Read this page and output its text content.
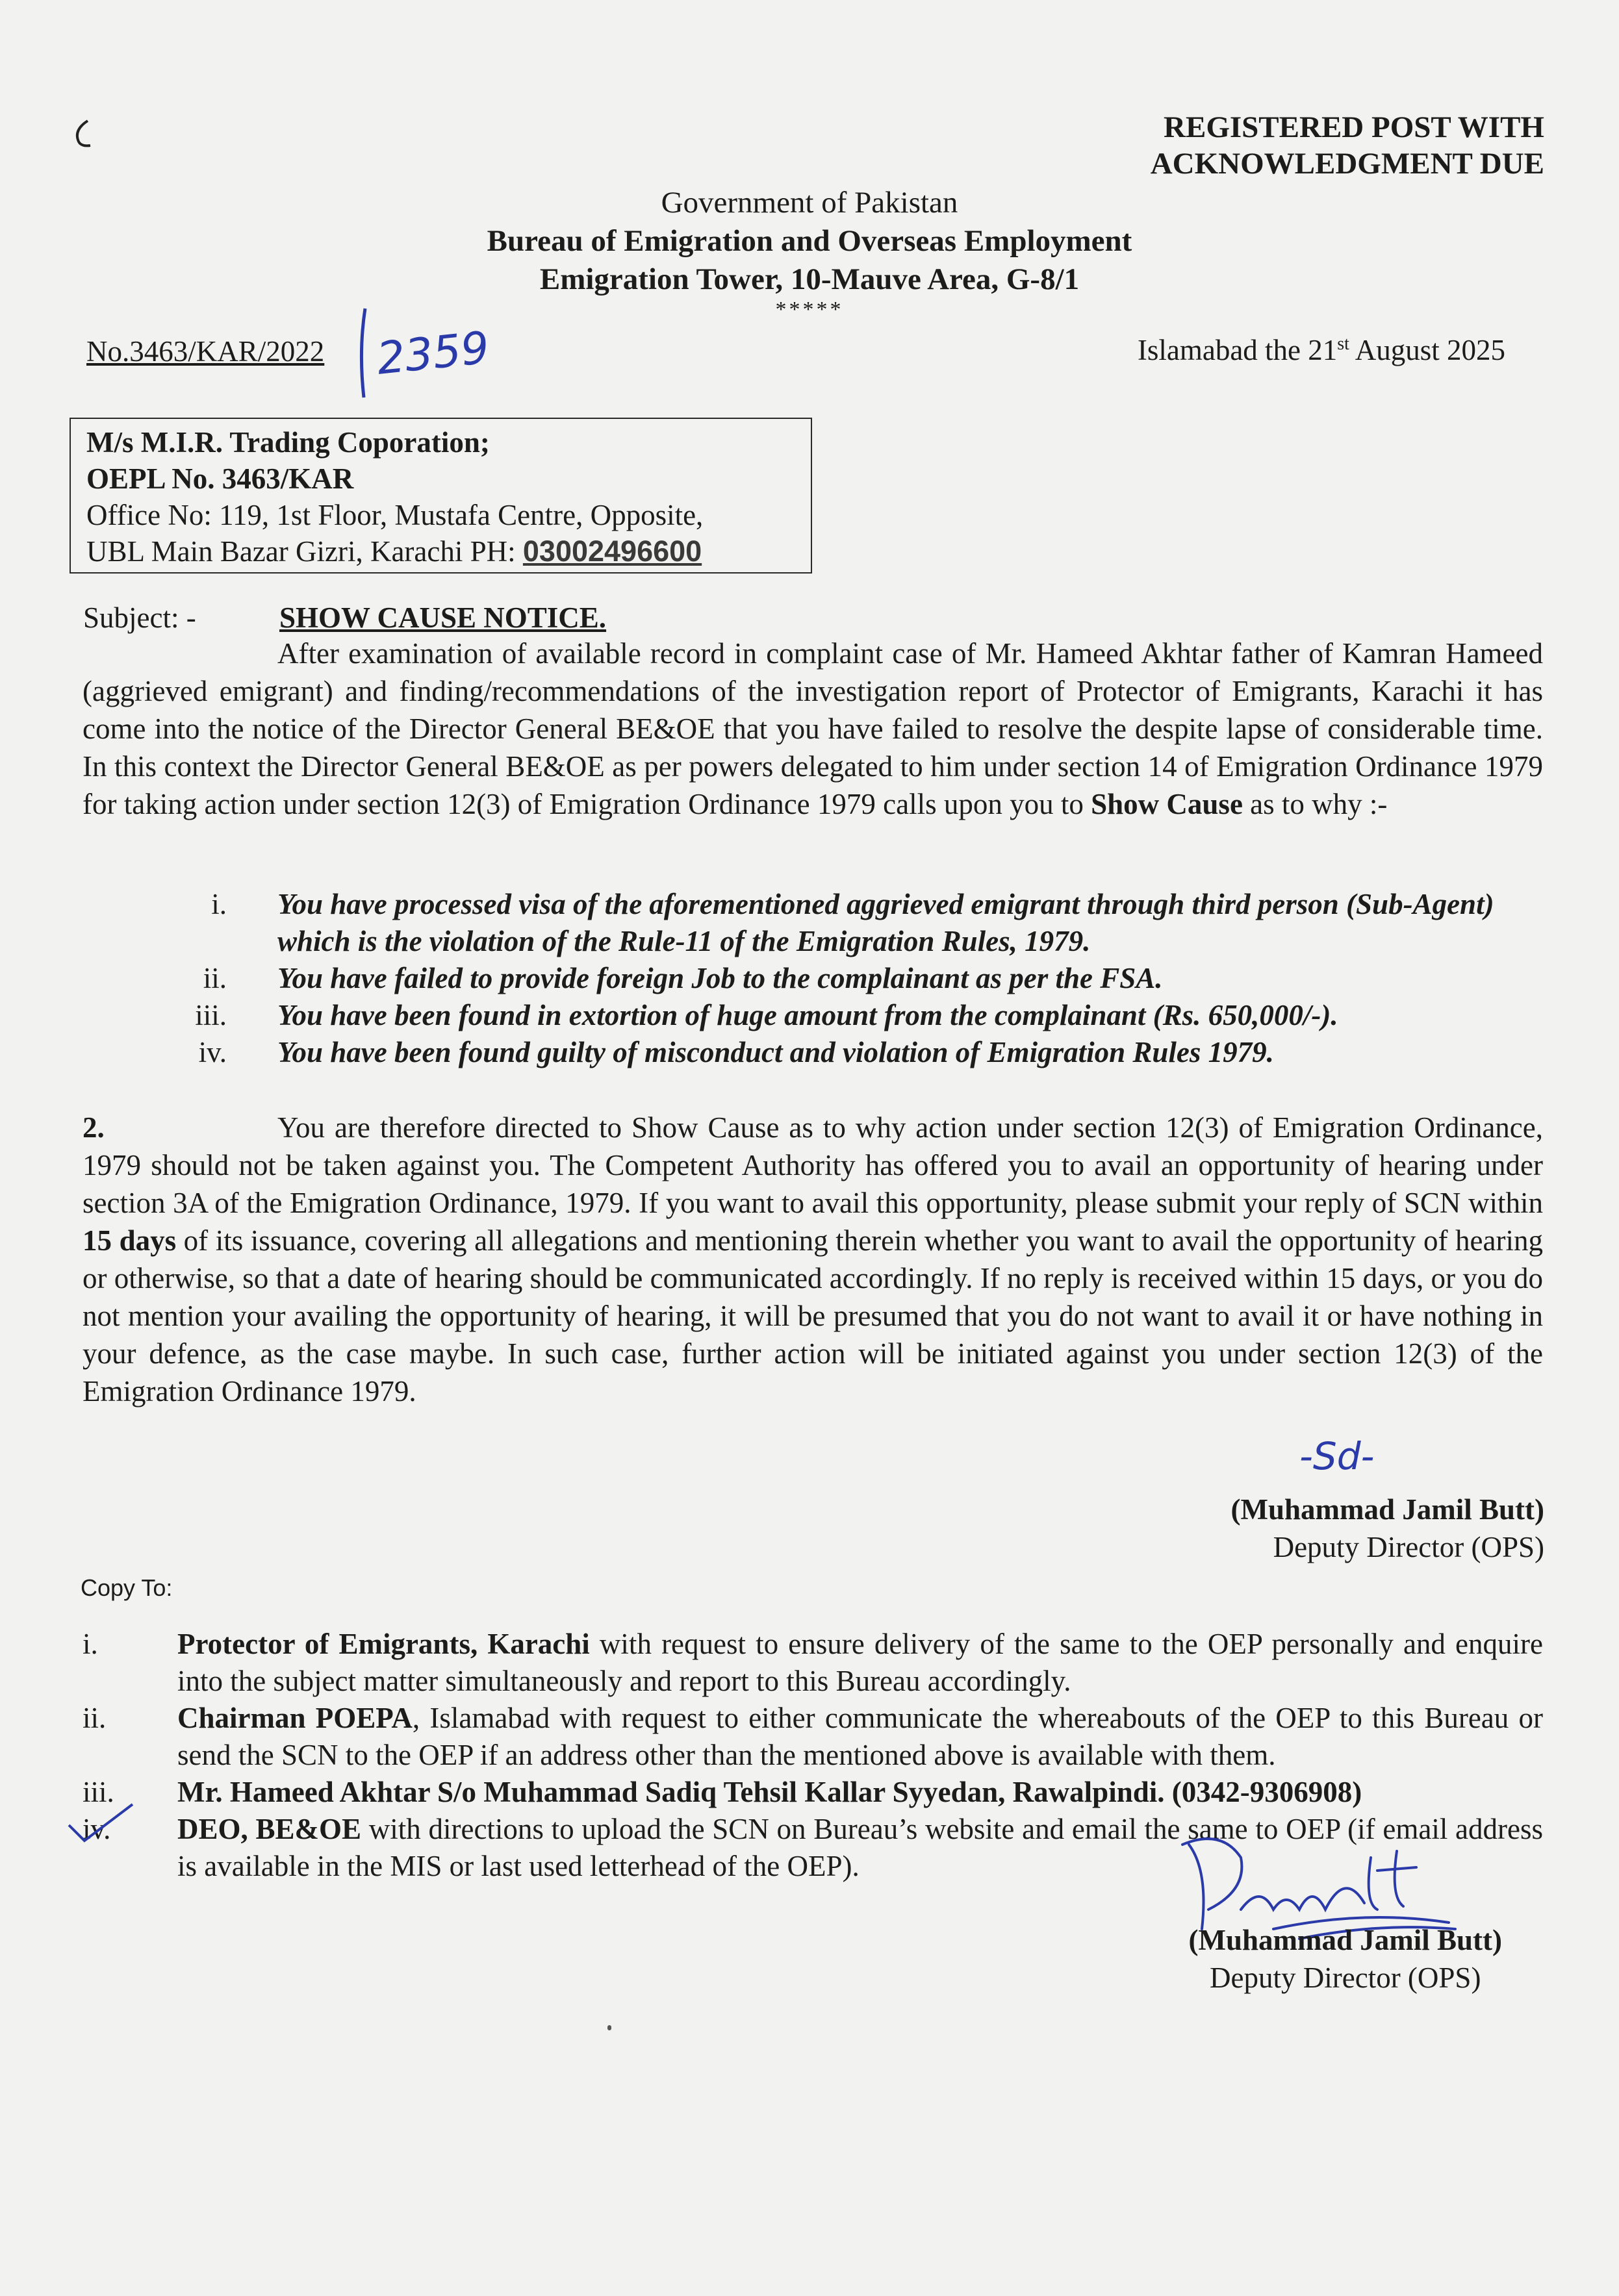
REGISTERED POST WITH
ACKNOWLEDGMENT DUE
Government of Pakistan
Bureau of Emigration and Overseas Employment
Emigration Tower, 10-Mauve Area, G-8/1
*****
No.3463/KAR/2022 2359	Islamabad the 21st August 2025
M/s M.I.R. Trading Coporation;
OEPL No. 3463/KAR
Office No: 119, 1st Floor, Mustafa Centre, Opposite,
UBL Main Bazar Gizri, Karachi PH: 03002496600
Subject: -	SHOW CAUSE NOTICE.
After examination of available record in complaint case of Mr. Hameed Akhtar father of Kamran Hameed (aggrieved emigrant) and finding/recommendations of the investigation report of Protector of Emigrants, Karachi it has come into the notice of the Director General BE&OE that you have failed to resolve the despite lapse of considerable time. In this context the Director General BE&OE as per powers delegated to him under section 14 of Emigration Ordinance 1979 for taking action under section 12(3) of Emigration Ordinance 1979 calls upon you to Show Cause as to why :-
i. You have processed visa of the aforementioned aggrieved emigrant through third person (Sub-Agent) which is the violation of the Rule-11 of the Emigration Rules, 1979.
ii. You have failed to provide foreign Job to the complainant as per the FSA.
iii. You have been found in extortion of huge amount from the complainant (Rs. 650,000/-).
iv. You have been found guilty of misconduct and violation of Emigration Rules 1979.
2.	You are therefore directed to Show Cause as to why action under section 12(3) of Emigration Ordinance, 1979 should not be taken against you. The Competent Authority has offered you to avail an opportunity of hearing under section 3A of the Emigration Ordinance, 1979. If you want to avail this opportunity, please submit your reply of SCN within 15 days of its issuance, covering all allegations and mentioning therein whether you want to avail the opportunity of hearing or otherwise, so that a date of hearing should be communicated accordingly. If no reply is received within 15 days, or you do not mention your availing the opportunity of hearing, it will be presumed that you do not want to avail it or have nothing in your defence, as the case maybe. In such case, further action will be initiated against you under section 12(3) of the Emigration Ordinance 1979.
-Sd-
(Muhammad Jamil Butt)
Deputy Director (OPS)
Copy To:
i.	Protector of Emigrants, Karachi with request to ensure delivery of the same to the OEP personally and enquire into the subject matter simultaneously and report to this Bureau accordingly.
ii.	Chairman POEPA, Islamabad with request to either communicate the whereabouts of the OEP to this Bureau or send the SCN to the OEP if an address other than the mentioned above is available with them.
iii.	Mr. Hameed Akhtar S/o Muhammad Sadiq Tehsil Kallar Syyedan, Rawalpindi. (0342-9306908)
iv.	DEO, BE&OE with directions to upload the SCN on Bureau’s website and email the same to OEP (if email address is available in the MIS or last used letterhead of the OEP).
(Muhammad Jamil Butt)
Deputy Director (OPS)
